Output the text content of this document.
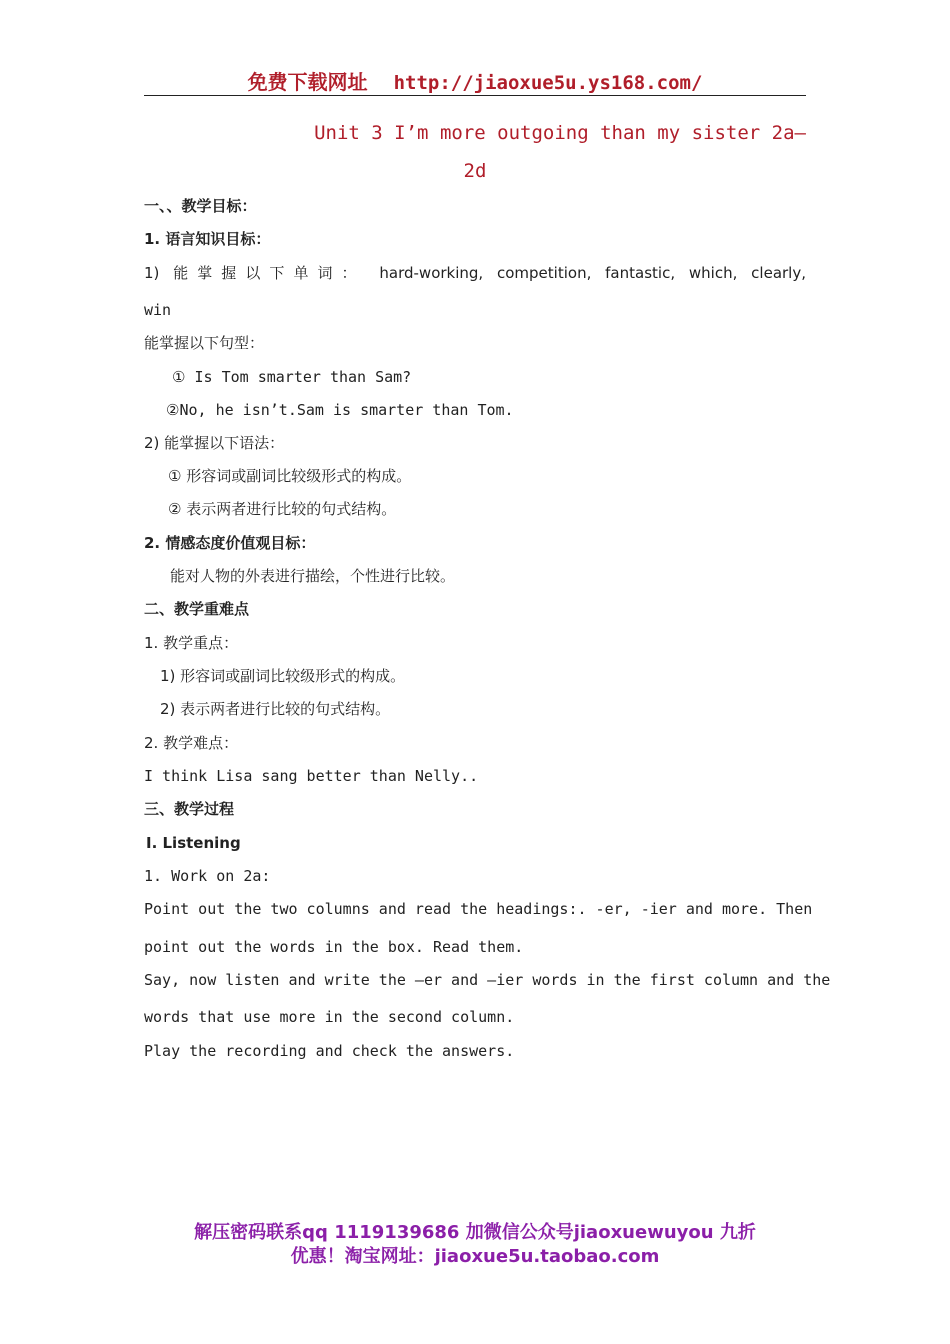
免费下载网址 http://jiaoxue5u.ys168.com/
Unit 3 I’m more outgoing than my sister 2a—
2d
一、、教学目标：
1. 语言知识目标：
1) 能掌握以下单词： hard-working, competition, fantastic, which, clearly,
win
能掌握以下句型：
① Is Tom smarter than Sam?
②No, he isn’t.Sam is smarter than Tom.
2) 能掌握以下语法：
① 形容词或副词比较级形式的构成。
② 表示两者进行比较的句式结构。
2. 情感态度价值观目标：
能对人物的外表进行描绘，个性进行比较。
二、教学重难点
1. 教学重点：
1) 形容词或副词比较级形式的构成。
2) 表示两者进行比较的句式结构。
2. 教学难点：
I think Lisa sang better than Nelly..
三、教学过程
Ⅰ. Listening
1. Work on 2a:
Point out the two columns and read the headings:. -er, -ier and more. Then
point out the words in the box. Read them.
Say, now listen and write the –er and –ier words in the first column and the
words that use more in the second column.
Play the recording and check the answers.
解压密码联系qq 1119139686 加微信公众号jiaoxuewuyou 九折
优惠！淘宝网址：jiaoxue5u.taobao.com
